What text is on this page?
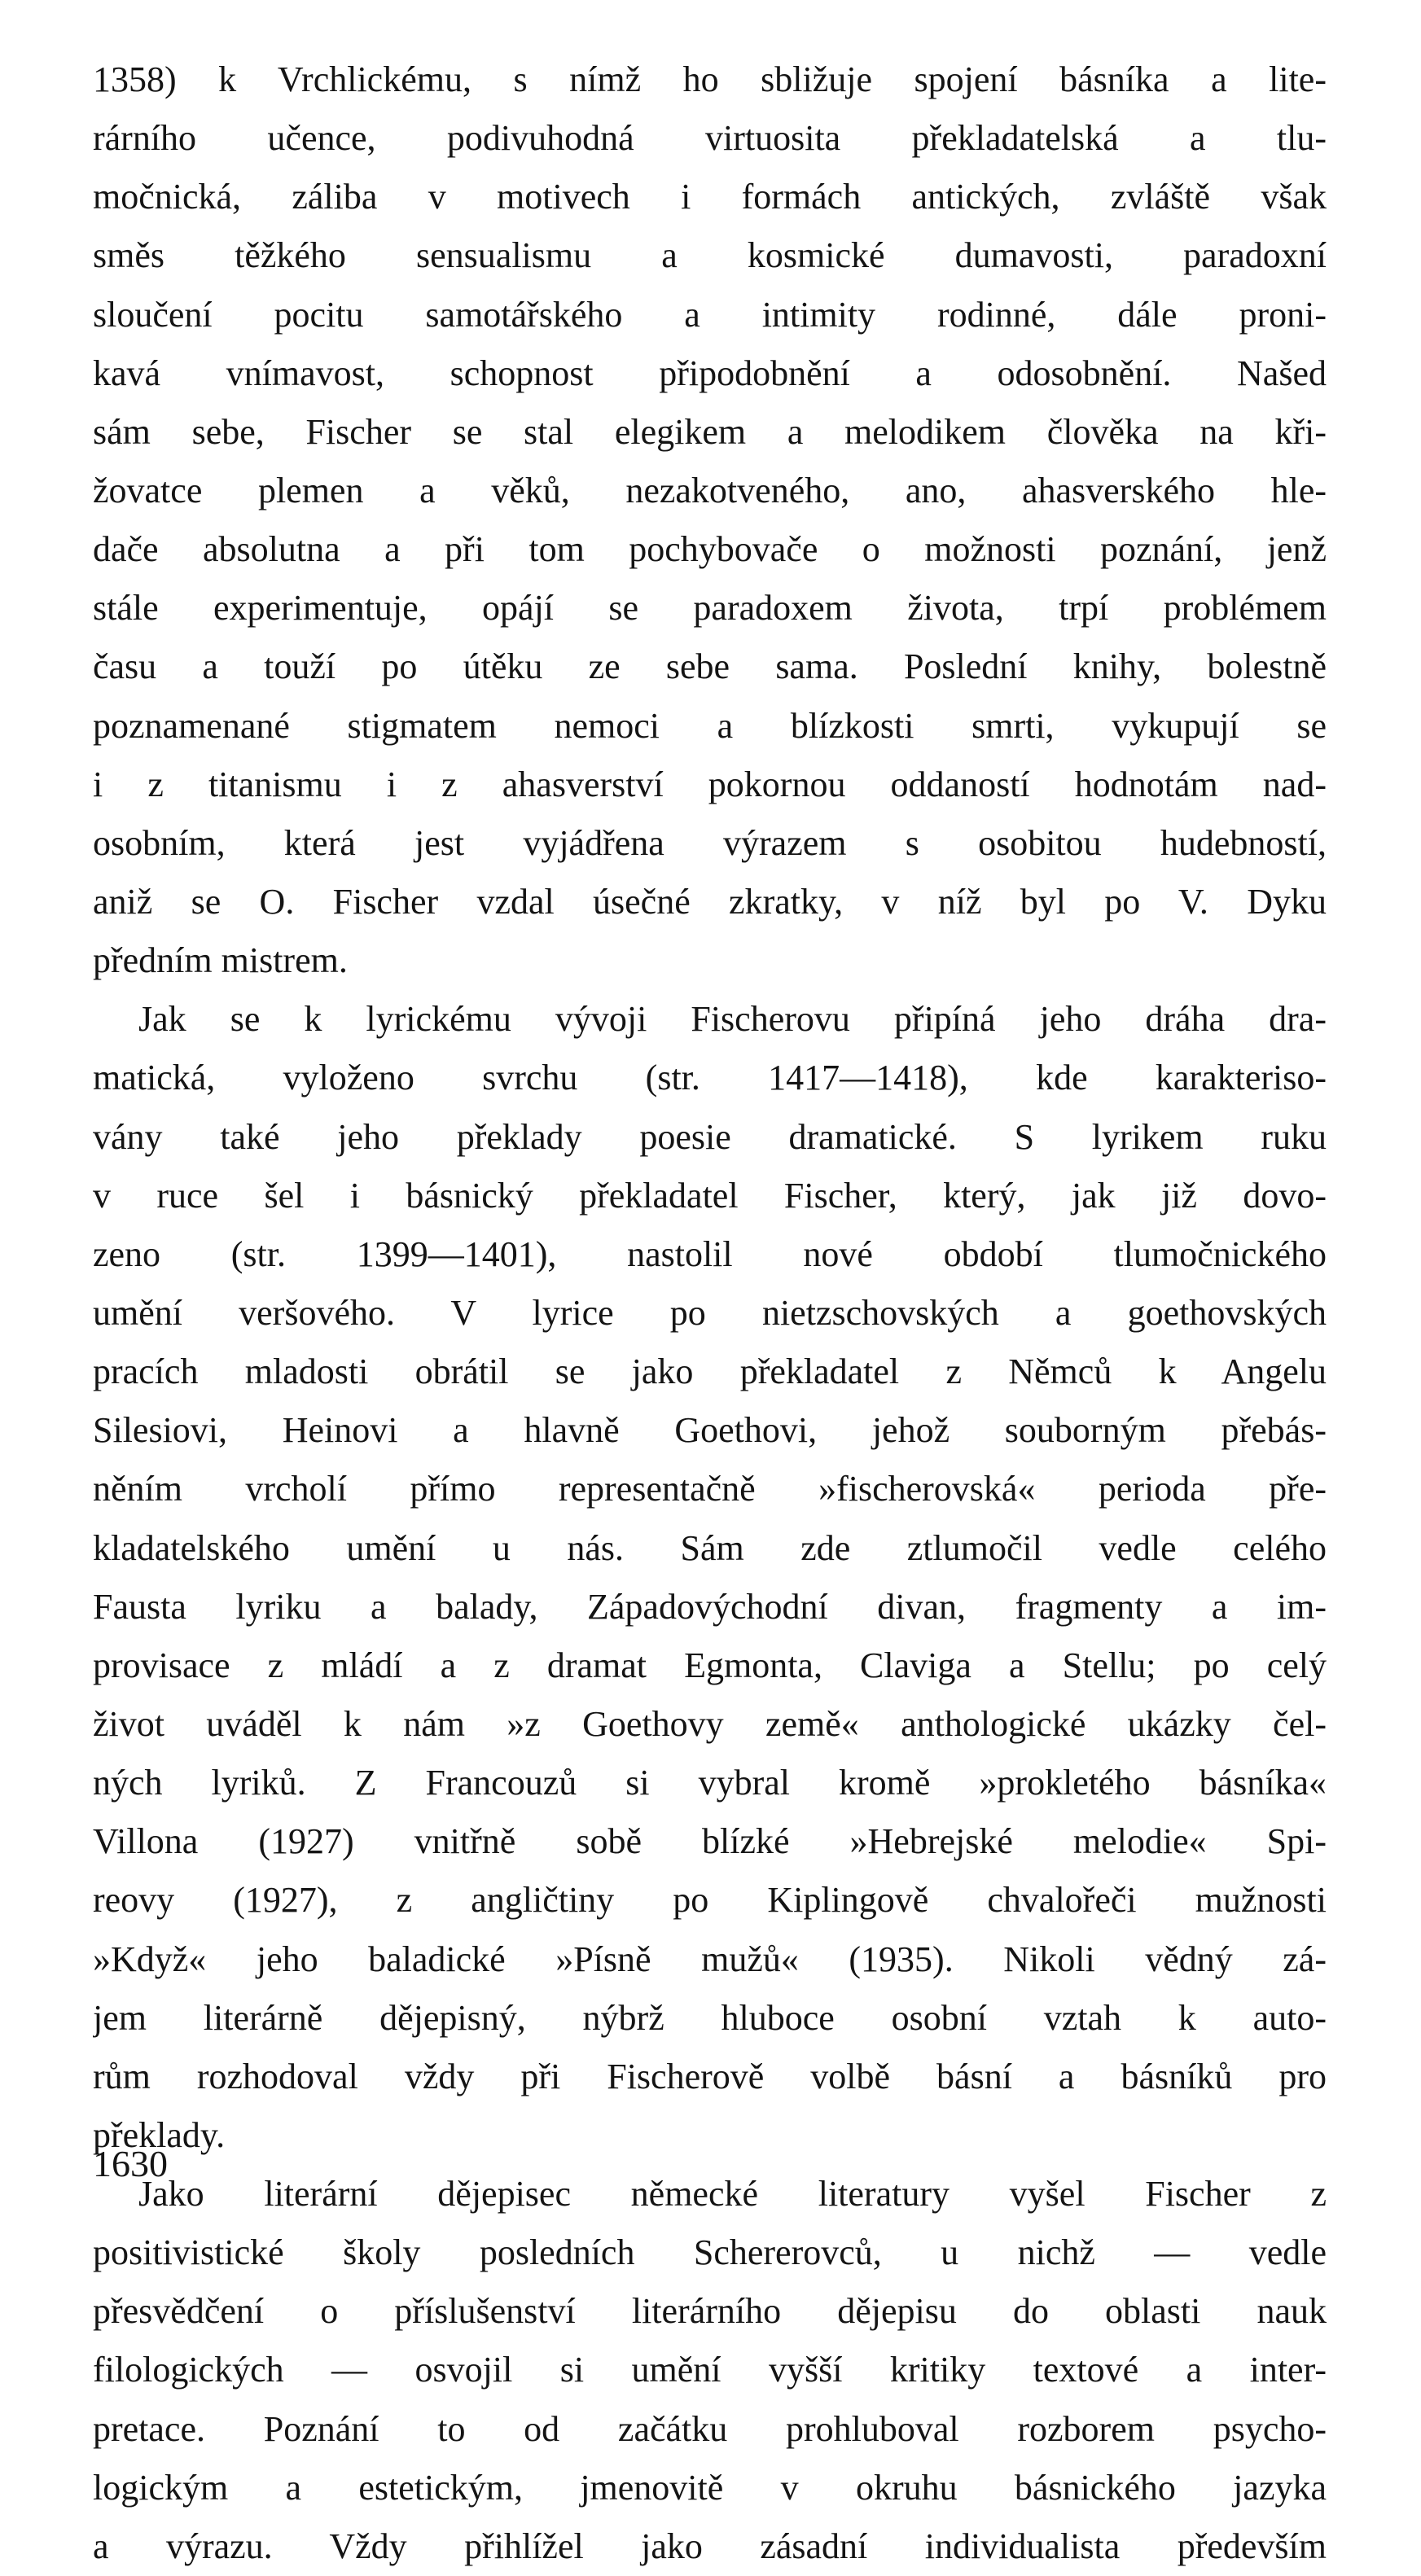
1358) k Vrchlickému, s nímž ho sbližuje spojení básníka a lite-
rárního učence, podivuhodná virtuosita překladatelská a tlu-
močnická, záliba v motivech i formách antických, zvláště však
směs těžkého sensualismu a kosmické dumavosti, paradoxní
sloučení pocitu samotářského a intimity rodinné, dále proni-
kavá vnímavost, schopnost připodobnění a odosobnění. Našed
sám sebe, Fischer se stal elegikem a melodikem člověka na kři-
žovatce plemen a věků, nezakotveného, ano, ahasverského hle-
dače absolutna a při tom pochybovače o možnosti poznání, jenž
stále experimentuje, opájí se paradoxem života, trpí problémem
času a touží po útěku ze sebe sama. Poslední knihy, bolestně
poznamenané stigmatem nemoci a blízkosti smrti, vykupují se
i z titanismu i z ahasverství pokornou oddaností hodnotám nad-
osobním, která jest vyjádřena výrazem s osobitou hudebností,
aniž se O. Fischer vzdal úsečné zkratky, v níž byl po V. Dyku
předním mistrem.
Jak se k lyrickému vývoji Fischerovu připíná jeho dráha dra-
matická, vyloženo svrchu (str. 1417—1418), kde karakteriso-
vány také jeho překlady poesie dramatické. S lyrikem ruku
v ruce šel i básnický překladatel Fischer, který, jak již dovo-
zeno (str. 1399—1401), nastolil nové období tlumočnického
umění veršového. V lyrice po nietzschovských a goethovských
pracích mladosti obrátil se jako překladatel z Němců k Angelu
Silesiovi, Heinovi a hlavně Goethovi, jehož souborným přebás-
něním vrcholí přímo representačně »fischerovská« perioda pře-
kladatelského umění u nás. Sám zde ztlumočil vedle celého
Fausta lyriku a balady, Západovýchodní divan, fragmenty a im-
provisace z mládí a z dramat Egmonta, Claviga a Stellu; po celý
život uváděl k nám »z Goethovy země« anthologické ukázky čel-
ných lyriků. Z Francouzů si vybral kromě »prokletého básníka«
Villona (1927) vnitřně sobě blízké »Hebrejské melodie« Spi-
reovy (1927), z angličtiny po Kiplingově chvalořeči mužnosti
»Když« jeho baladické »Písně mužů« (1935). Nikoli vědný zá-
jem literárně dějepisný, nýbrž hluboce osobní vztah k auto-
rům rozhodoval vždy při Fischerově volbě básní a básníků pro
překlady.
Jako literární dějepisec německé literatury vyšel Fischer z
positivistické školy posledních Schererovců, u nichž — vedle
přesvědčení o příslušenství literárního dějepisu do oblasti nauk
filologických — osvojil si umění vyšší kritiky textové a inter-
pretace. Poznání to od začátku prohluboval rozborem psycho-
logickým a estetickým, jmenovitě v okruhu básnického jazyka
a výrazu. Vždy přihlížel jako zásadní individualista především
1630
